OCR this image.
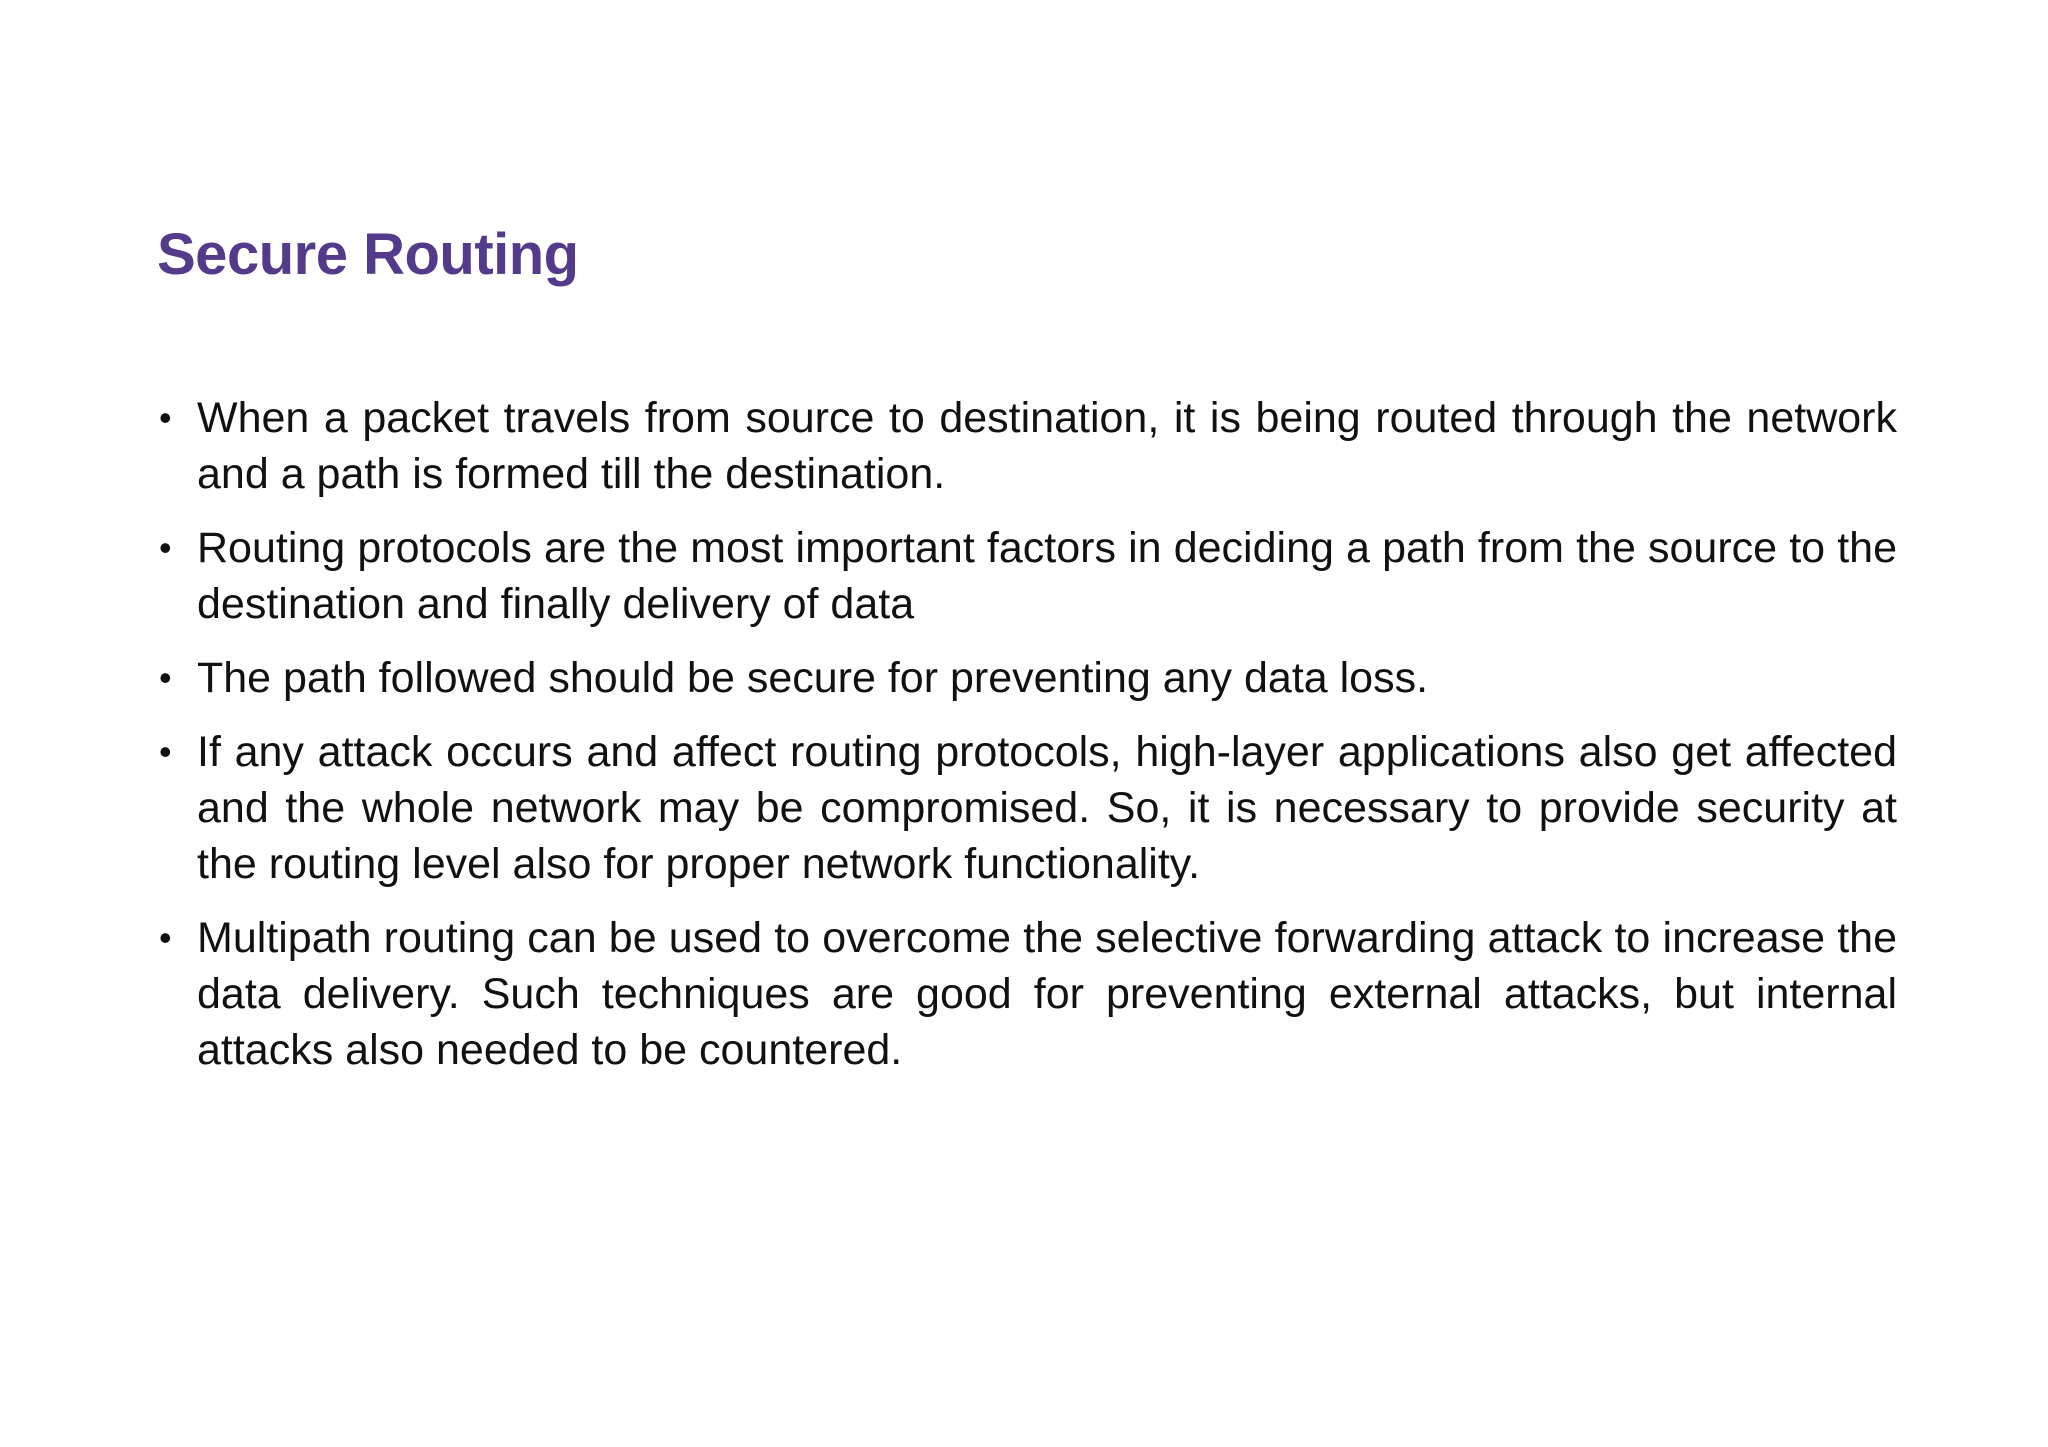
Secure Routing
• When a packet travels from source to destination, it is being routed through the network and a path is formed till the destination.
• Routing protocols are the most important factors in deciding a path from the source to the destination and finally delivery of data
• The path followed should be secure for preventing any data loss.
• If any attack occurs and affect routing protocols, high-layer applications also get affected and the whole network may be compromised. So, it is necessary to provide security at the routing level also for proper network functionality.
• Multipath routing can be used to overcome the selective forwarding attack to increase the data delivery. Such techniques are good for preventing external attacks, but internal attacks also needed to be countered.
